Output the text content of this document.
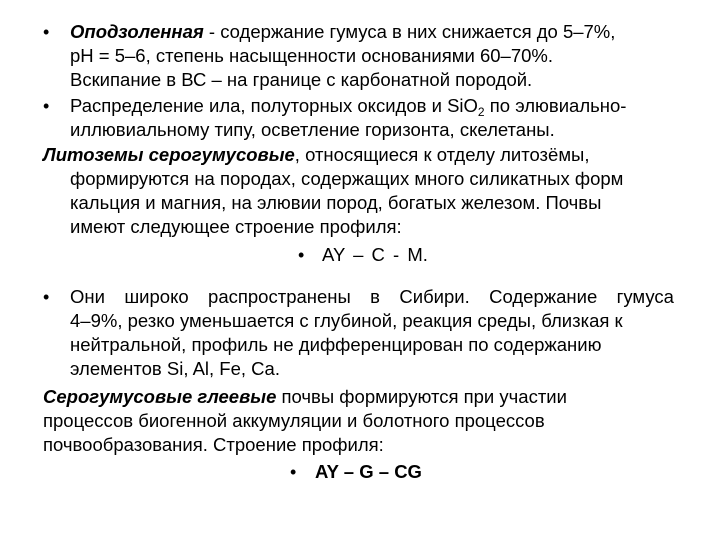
• Оподзоленная - содержание гумуса в них снижается до 5–7%,
pH = 5–6, степень насыщенности основаниями 60–70%.
Вскипание в ВС – на границе с карбонатной породой.
• Распределение ила, полуторных оксидов и SiO$_2$ по элювиально-
иллювиальному типу, осветление горизонта, скелетаны.
Литоземы серогумусовые, относящиеся к отделу литозёмы,
формируются на породах, содержащих много силикатных форм
кальция и магния, на элювии пород, богатых железом. Почвы
имеют следующее строение профиля:
• AY – C ‑ M.
• Они широко распространены в Сибири. Содержание гумуса
4–9%, резко уменьшается с глубиной, реакция среды, близкая к
нейтральной, профиль не дифференцирован по содержанию
элементов Si, Al, Fe, Ca.
Серогумусовые глеевые почвы формируются при участии
процессов биогенной аккумуляции и болотного процессов
почвообразования. Строение профиля:
• AY – G – CG
